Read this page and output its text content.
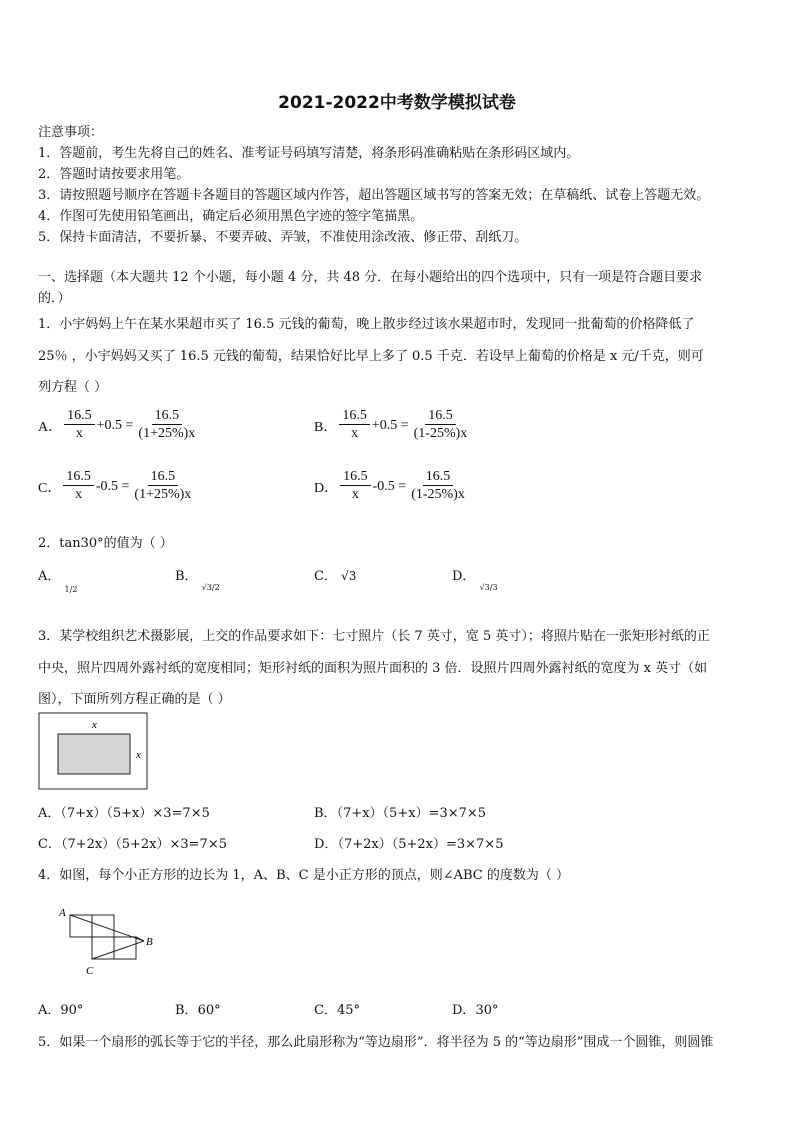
2021-2022中考数学模拟试卷
注意事项：
1．答题前，考生先将自己的姓名、准考证号码填写清楚，将条形码准确粘贴在条形码区域内。
2．答题时请按要求用笔。
3．请按照题号顺序在答题卡各题目的答题区域内作答，超出答题区域书写的答案无效；在草稿纸、试卷上答题无效。
4．作图可先使用铅笔画出，确定后必须用黑色字迹的签字笔描黑。
5．保持卡面清洁，不要折暴、不要弄破、弄皱，不准使用涂改液、修正带、刮纸刀。
一、选择题（本大题共 12 个小题，每小题 4 分，共 48 分．在每小题给出的四个选项中，只有一项是符合题目要求
的．）
1．小宇妈妈上午在某水果超市买了 16.5 元钱的葡萄，晚上散步经过该水果超市时，发现同一批葡萄的价格降低了
25％ ，小宇妈妈又买了 16.5 元钱的葡萄，结果恰好比早上多了 0.5 千克．若设早上葡萄的价格是 x 元/千克，则可
列方程（ ）
A． $\frac{16.5}{x} +0.5 = \frac{16.5}{(1+25\%)x}$	B． $\frac{16.5}{x} +0.5 = \frac{16.5}{(1-25\%)x}$
C． $\frac{16.5}{x} -0.5 = \frac{16.5}{(1+25\%)x}$	D． $\frac{16.5}{x} -0.5 = \frac{16.5}{(1-25\%)x}$
2．tan30°的值为（ ）
A． $_{1/2}$
B． $_{√3/2}$
C． √3	D． $_{√3/3}$
3．某学校组织艺术摄影展，上交的作品要求如下：七寸照片（长 7 英寸，宽 5 英寸）；将照片贴在一张矩形衬纸的正
中央，照片四周外露衬纸的宽度相同；矩形衬纸的面积为照片面积的 3 倍．设照片四周外露衬纸的宽度为 x 英寸（如
图），下面所列方程正确的是（ ）
x
x
A．（7+x）（5+x）×3=7×5	B．（7+x）（5+x）=3×7×5
C．（7+2x）（5+2x）×3=7×5	D．（7+2x）（5+2x）=3×7×5
4．如图，每个小正方形的边长为 1，A、B、C 是小正方形的顶点，则∠ABC 的度数为（ ）
A
B
C
A．90°	B．60°	C．45°	D．30°
5．如果一个扇形的弧长等于它的半径，那么此扇形称为“等边扇形”．将半径为 5 的“等边扇形”围成一个圆锥，则圆锥
